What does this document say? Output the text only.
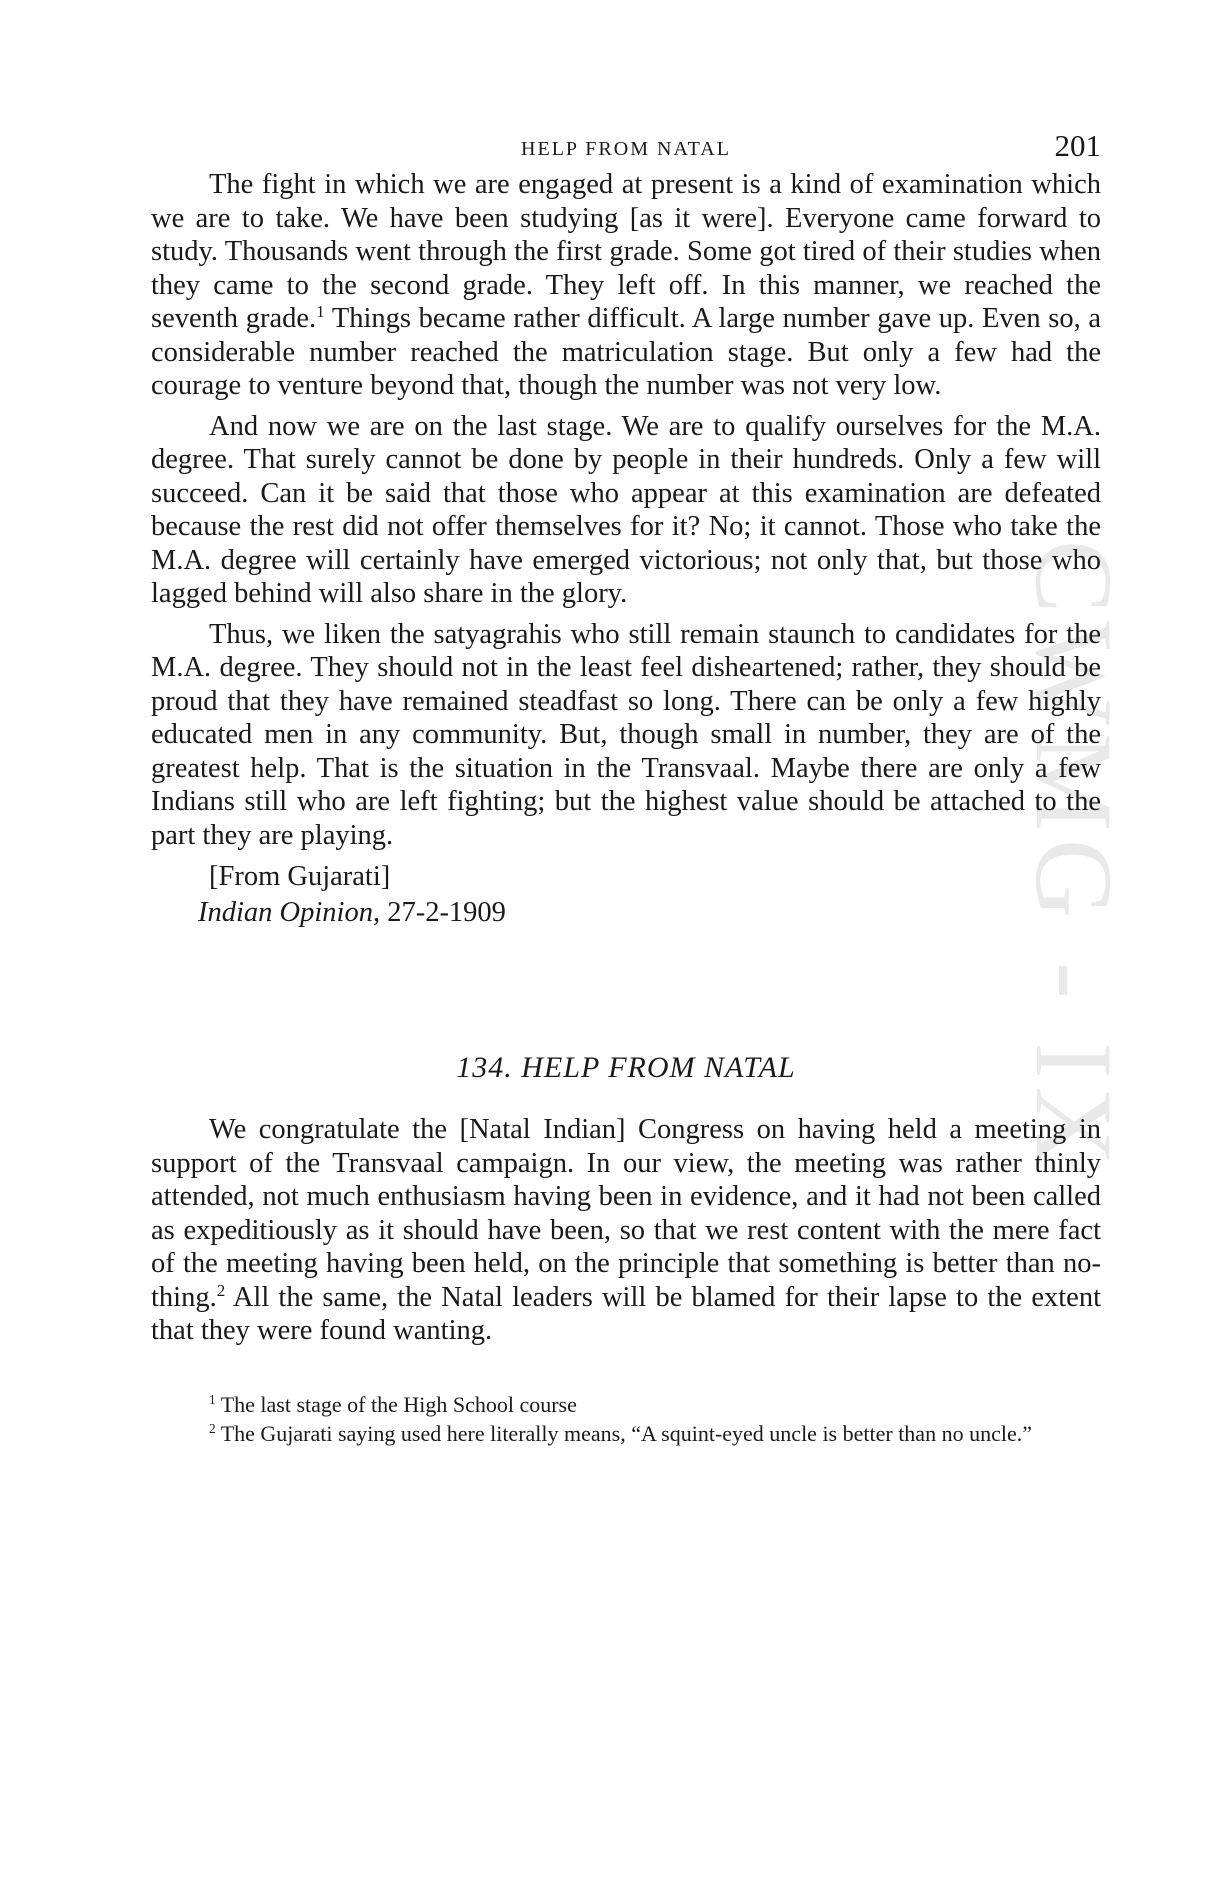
CWMG - IX
HELP FROM NATAL	201

The fight in which we are engaged at present is a kind of examination which we are to take. We have been studying [as it were]. Everyone came forward to study. Thousands went through the first grade. Some got tired of their studies when they came to the second grade. They left off. In this manner, we reached the seventh grade.$^1$ Things became rather difficult. A large number gave up. Even so, a considerable number reached the matriculation stage. But only a few had the courage to venture beyond that, though the number was not very low.

And now we are on the last stage. We are to qualify ourselves for the M.A. degree. That surely cannot be done by people in their hundreds. Only a few will succeed. Can it be said that those who appear at this examination are defeated because the rest did not offer themselves for it? No; it cannot. Those who take the M.A. degree will certainly have emerged victorious; not only that, but those who lagged behind will also share in the glory.

Thus, we liken the satyagrahis who still remain staunch to candidates for the M.A. degree. They should not in the least feel disheartened; rather, they should be proud that they have remained steadfast so long. There can be only a few highly educated men in any community. But, though small in number, they are of the greatest help. That is the situation in the Transvaal. Maybe there are only a few Indians still who are left fighting; but the highest value should be attached to the part they are playing.

[From Gujarati]
Indian Opinion, 27-2-1909
134. HELP FROM NATAL

We congratulate the [Natal Indian] Congress on having held a meeting in support of the Transvaal campaign. In our view, the meeting was rather thinly attended, not much enthusiasm having been in evidence, and it had not been called as expeditiously as it should have been, so that we rest content with the mere fact of the meeting having been held, on the principle that something is better than nothing.$^2$ All the same, the Natal leaders will be blamed for their lapse to the extent that they were found wanting.

$^1$ The last stage of the High School course

$^2$ The Gujarati saying used here literally means, “A squint-eyed uncle is better than no uncle.”
